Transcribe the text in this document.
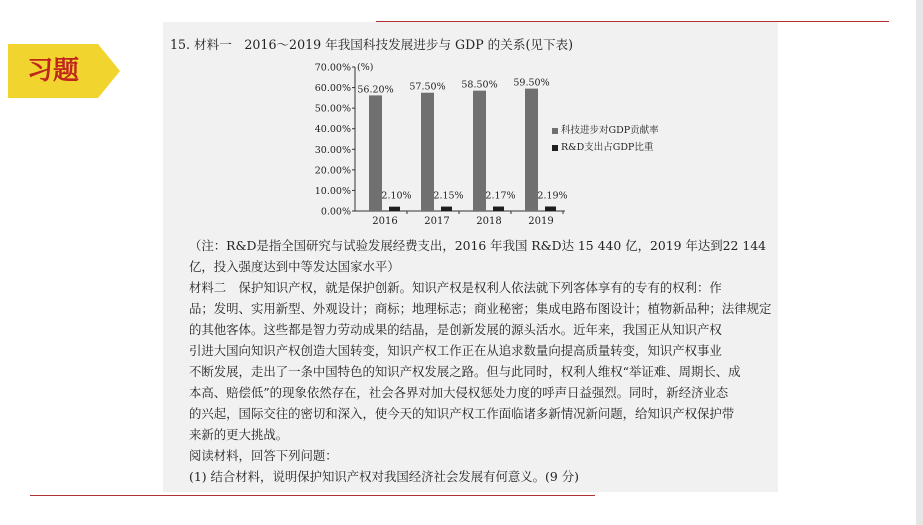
习题
15. 材料一　2016～2019 年我国科技发展进步与 GDP 的关系(见下表)
0.00%
10.00%
20.00%
30.00%
40.00%
50.00%
60.00%
70.00% (%)
56.20%
2.10%
2016
57.50%
2.15%
2017
58.50%
2.17%
2018
59.50%
2.19%
2019
科技进步对GDP贡献率
R&D支出占GDP比重
（注：R&D是指全国研究与试验发展经费支出，2016 年我国 R&D达 15 440 亿，2019 年达到22 144
亿，投入强度达到中等发达国家水平）
材料二　保护知识产权，就是保护创新。知识产权是权利人依法就下列客体享有的专有的权利：作
品；发明、实用新型、外观设计；商标；地理标志；商业秘密；集成电路布图设计；植物新品种；法律规定
的其他客体。这些都是智力劳动成果的结晶，是创新发展的源头活水。近年来，我国正从知识产权
引进大国向知识产权创造大国转变，知识产权工作正在从追求数量向提高质量转变，知识产权事业
不断发展，走出了一条中国特色的知识产权发展之路。但与此同时，权利人维权“举证难、周期长、成
本高、赔偿低”的现象依然存在，社会各界对加大侵权惩处力度的呼声日益强烈。同时，新经济业态
的兴起，国际交往的密切和深入，使今天的知识产权工作面临诸多新情况新问题，给知识产权保护带
来新的更大挑战。
阅读材料，回答下列问题：
(1) 结合材料，说明保护知识产权对我国经济社会发展有何意义。(9 分)
